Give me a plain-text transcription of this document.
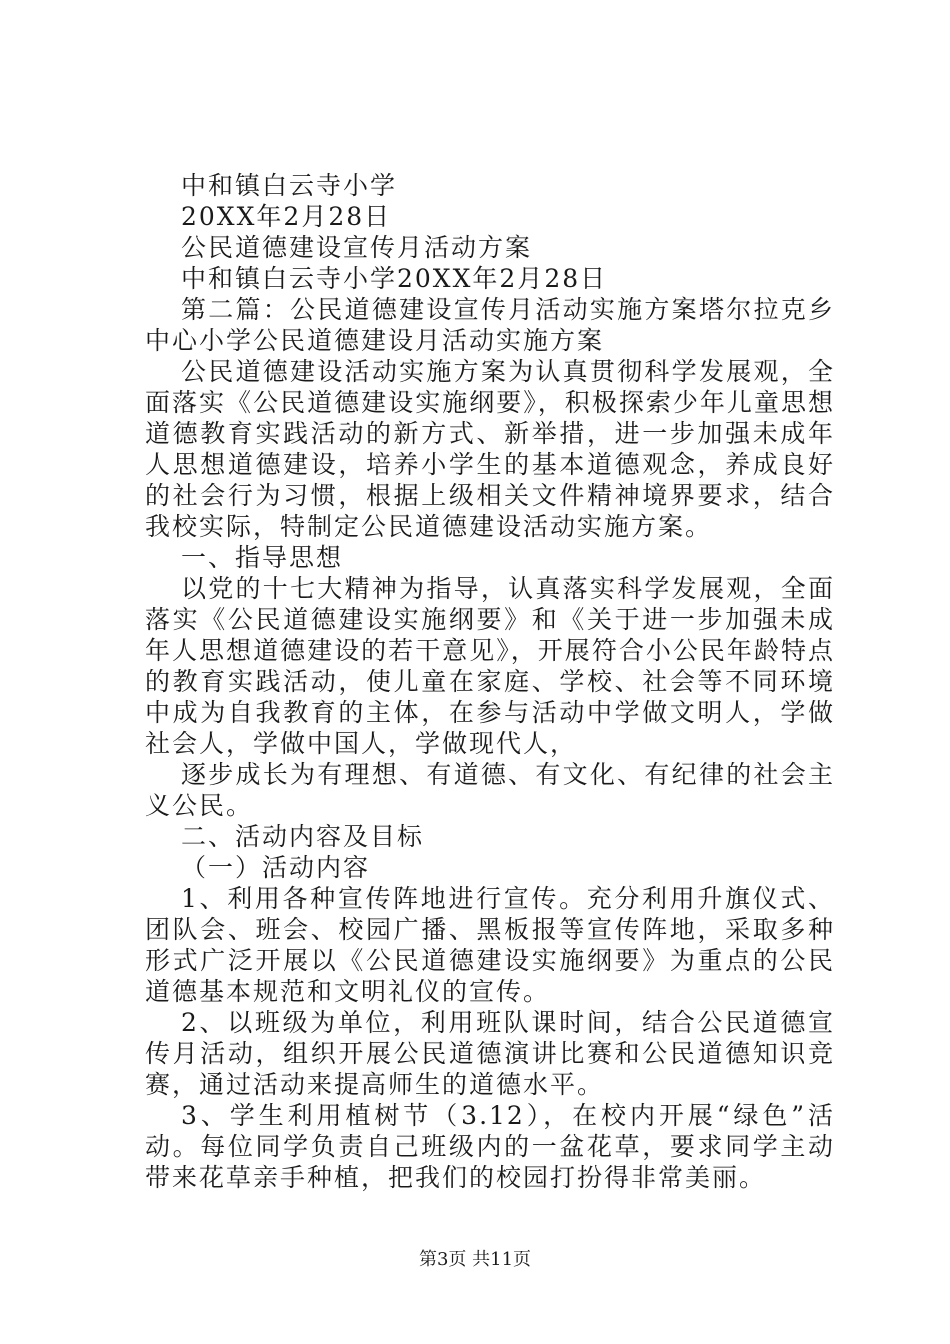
中和镇白云寺小学

20XX年2月28日

公民道德建设宣传月活动方案

中和镇白云寺小学20XX年2月28日

第二篇：公民道德建设宣传月活动实施方案塔尔拉克乡中心小学公民道德建设月活动实施方案

公民道德建设活动实施方案为认真贯彻科学发展观，全面落实《公民道德建设实施纲要》，积极探索少年儿童思想道德教育实践活动的新方式、新举措，进一步加强未成年人思想道德建设，培养小学生的基本道德观念，养成良好的社会行为习惯，根据上级相关文件精神境界要求，结合我校实际，特制定公民道德建设活动实施方案。

一、指导思想

以党的十七大精神为指导，认真落实科学发展观，全面落实《公民道德建设实施纲要》和《关于进一步加强未成年人思想道德建设的若干意见》，开展符合小公民年龄特点的教育实践活动，使儿童在家庭、学校、社会等不同环境中成为自我教育的主体，在参与活动中学做文明人，学做社会人，学做中国人，学做现代人，

逐步成长为有理想、有道德、有文化、有纪律的社会主义公民。

二、活动内容及目标

（一）活动内容

1、利用各种宣传阵地进行宣传。充分利用升旗仪式、团队会、班会、校园广播、黑板报等宣传阵地，采取多种形式广泛开展以《公民道德建设实施纲要》为重点的公民道德基本规范和文明礼仪的宣传。

2、以班级为单位，利用班队课时间，结合公民道德宣传月活动，组织开展公民道德演讲比赛和公民道德知识竞赛，通过活动来提高师生的道德水平。

3、学生利用植树节（3.12），在校内开展“绿色”活动。每位同学负责自己班级内的一盆花草，要求同学主动带来花草亲手种植，把我们的校园打扮得非常美丽。

第3页 共11页
